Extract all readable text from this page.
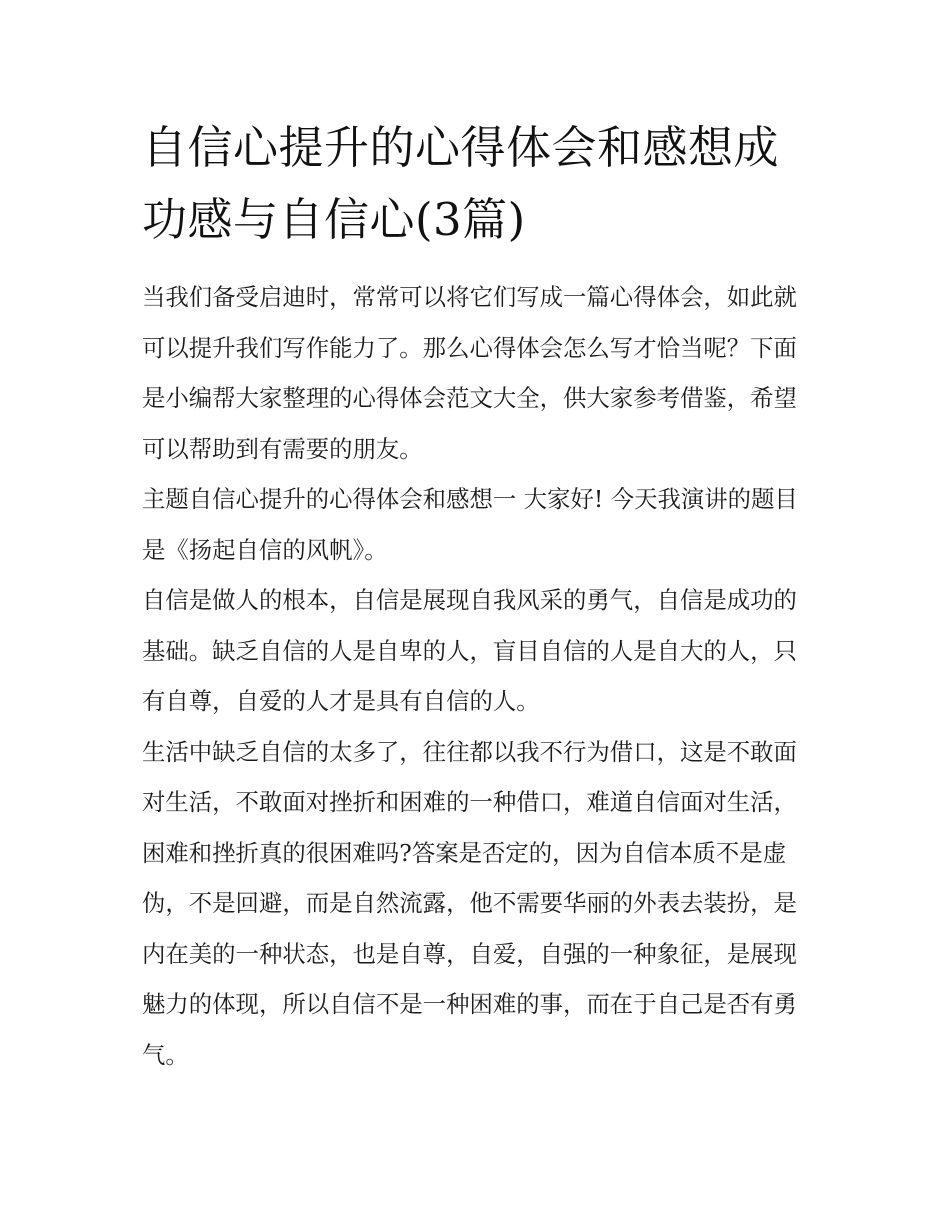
自信心提升的心得体会和感想成功感与自信心(3篇)

当我们备受启迪时，常常可以将它们写成一篇心得体会，如此就可以提升我们写作能力了。那么心得体会怎么写才恰当呢？下面是小编帮大家整理的心得体会范文大全，供大家参考借鉴，希望可以帮助到有需要的朋友。

主题自信心提升的心得体会和感想一 大家好! 今天我演讲的题目是《扬起自信的风帆》。

自信是做人的根本，自信是展现自我风采的勇气，自信是成功的基础。缺乏自信的人是自卑的人，盲目自信的人是自大的人，只有自尊，自爱的人才是具有自信的人。

生活中缺乏自信的太多了，往往都以我不行为借口，这是不敢面对生活，不敢面对挫折和困难的一种借口，难道自信面对生活，困难和挫折真的很困难吗?答案是否定的，因为自信本质不是虚伪，不是回避，而是自然流露，他不需要华丽的外表去装扮，是内在美的一种状态，也是自尊，自爱，自强的一种象征，是展现魅力的体现，所以自信不是一种困难的事，而在于自己是否有勇气。
